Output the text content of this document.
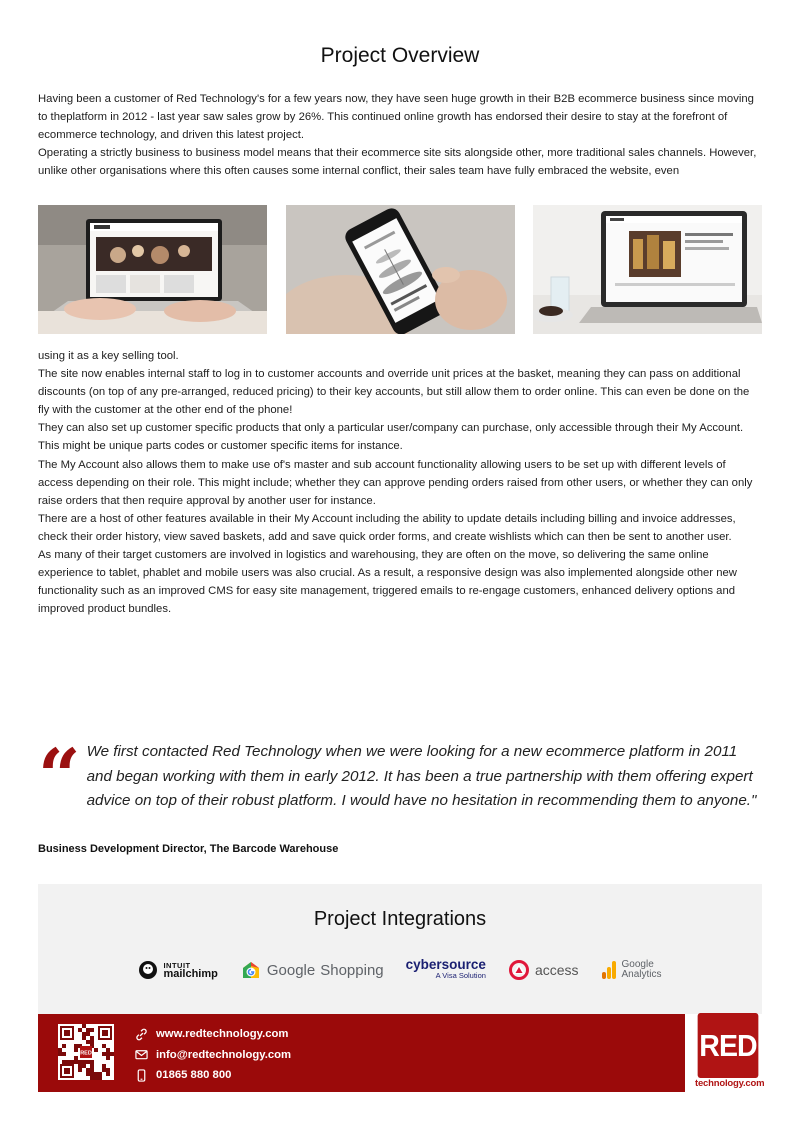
Project Overview

Having been a customer of Red Technology's for a few years now, they have seen huge growth in their B2B ecommerce business since moving to theplatform in 2012 - last year saw sales grow by 26%. This continued online growth has endorsed their desire to stay at the forefront of ecommerce technology, and driven this latest project.

Operating a strictly business to business model means that their ecommerce site sits alongside other, more traditional sales channels. However, unlike other organisations where this often causes some internal conflict, their sales team have fully embraced the website, even

using it as a key selling tool.

The site now enables internal staff to log in to customer accounts and override unit prices at the basket, meaning they can pass on additional discounts (on top of any pre-arranged, reduced pricing) to their key accounts, but still allow them to order online. This can even be done on the fly with the customer at the other end of the phone!

They can also set up customer specific products that only a particular user/company can purchase, only accessible through their My Account. This might be unique parts codes or customer specific items for instance.

The My Account also allows them to make use of's master and sub account functionality allowing users to be set up with different levels of access depending on their role. This might include; whether they can approve pending orders raised from other users, or whether they can only raise orders that then require approval by another user for instance.

There are a host of other features available in their My Account including the ability to update details including billing and invoice addresses, check their order history, view saved baskets, add and save quick order forms, and create wishlists which can then be sent to another user.

As many of their target customers are involved in logistics and warehousing, they are often on the move, so delivering the same online experience to tablet, phablet and mobile users was also crucial. As a result, a responsive design was also implemented alongside other new functionality such as an improved CMS for easy site management, triggered emails to re-engage customers, enhanced delivery options and improved product bundles.

“ We first contacted Red Technology when we were looking for a new ecommerce platform in 2011 and began working with them in early 2012. It has been a true partnership with them offering expert advice on top of their robust platform. I would have no hesitation in recommending them to anyone."
Business Development Director, The Barcode Warehouse
Project Integrations
INTUIT
mailchimp	Google Shopping cybersource
A Visa Solution	access	Google
Analytics
RED
www.redtechnology.com
info@redtechnology.com
01865 880 800
RED
technology.com
